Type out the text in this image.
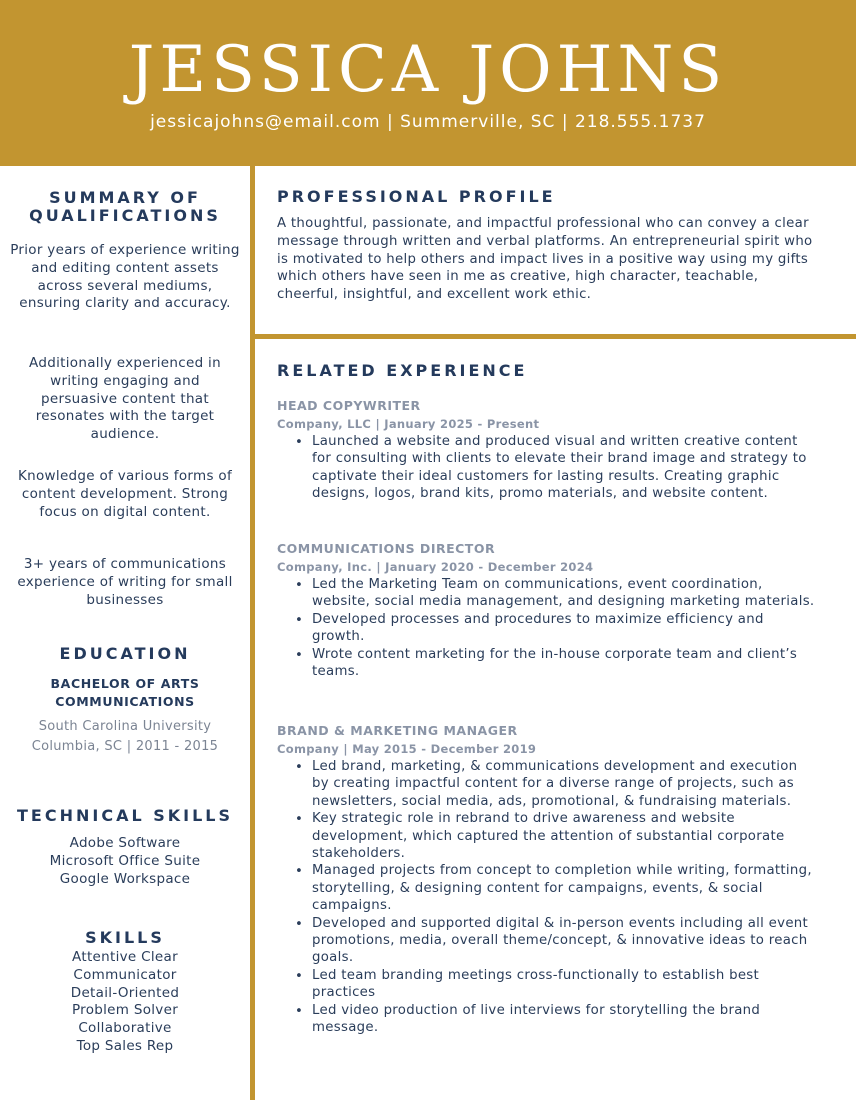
JESSICA JOHNS
jessicajohns@email.com | Summerville, SC | 218.555.1737
SUMMARY OF
QUALIFICATIONS
Prior years of experience writing and editing content assets across several mediums, ensuring clarity and accuracy.
Additionally experienced in writing engaging and persuasive content that resonates with the target audience.
Knowledge of various forms of content development. Strong focus on digital content.
3+ years of communications experience of writing for small businesses
EDUCATION
BACHELOR OF ARTS
COMMUNICATIONS
South Carolina University
Columbia, SC | 2011 - 2015
TECHNICAL SKILLS
Adobe Software
Microsoft Office Suite
Google Workspace
SKILLS
Attentive Clear
Communicator
Detail-Oriented
Problem Solver
Collaborative
Top Sales Rep
PROFESSIONAL PROFILE
A thoughtful, passionate, and impactful professional who can convey a clear message through written and verbal platforms. An entrepreneurial spirit who is motivated to help others and impact lives in a positive way using my gifts which others have seen in me as creative, high character, teachable, cheerful, insightful, and excellent work ethic.
RELATED EXPERIENCE
HEAD COPYWRITER
Company, LLC | January 2025 - Present
• Launched a website and produced visual and written creative content for consulting with clients to elevate their brand image and strategy to captivate their ideal customers for lasting results. Creating graphic designs, logos, brand kits, promo materials, and website content.
COMMUNICATIONS DIRECTOR
Company, Inc. | January 2020 - December 2024
• Led the Marketing Team on communications, event coordination, website, social media management, and designing marketing materials.
• Developed processes and procedures to maximize efficiency and growth.
• Wrote content marketing for the in-house corporate team and client’s teams.
BRAND & MARKETING MANAGER
Company | May 2015 - December 2019
• Led brand, marketing, & communications development and execution by creating impactful content for a diverse range of projects, such as newsletters, social media, ads, promotional, & fundraising materials.
• Key strategic role in rebrand to drive awareness and website development, which captured the attention of substantial corporate stakeholders.
• Managed projects from concept to completion while writing, formatting, storytelling, & designing content for campaigns, events, & social campaigns.
• Developed and supported digital & in-person events including all event promotions, media, overall theme/concept, & innovative ideas to reach goals.
• Led team branding meetings cross-functionally to establish best practices
• Led video production of live interviews for storytelling the brand message.
